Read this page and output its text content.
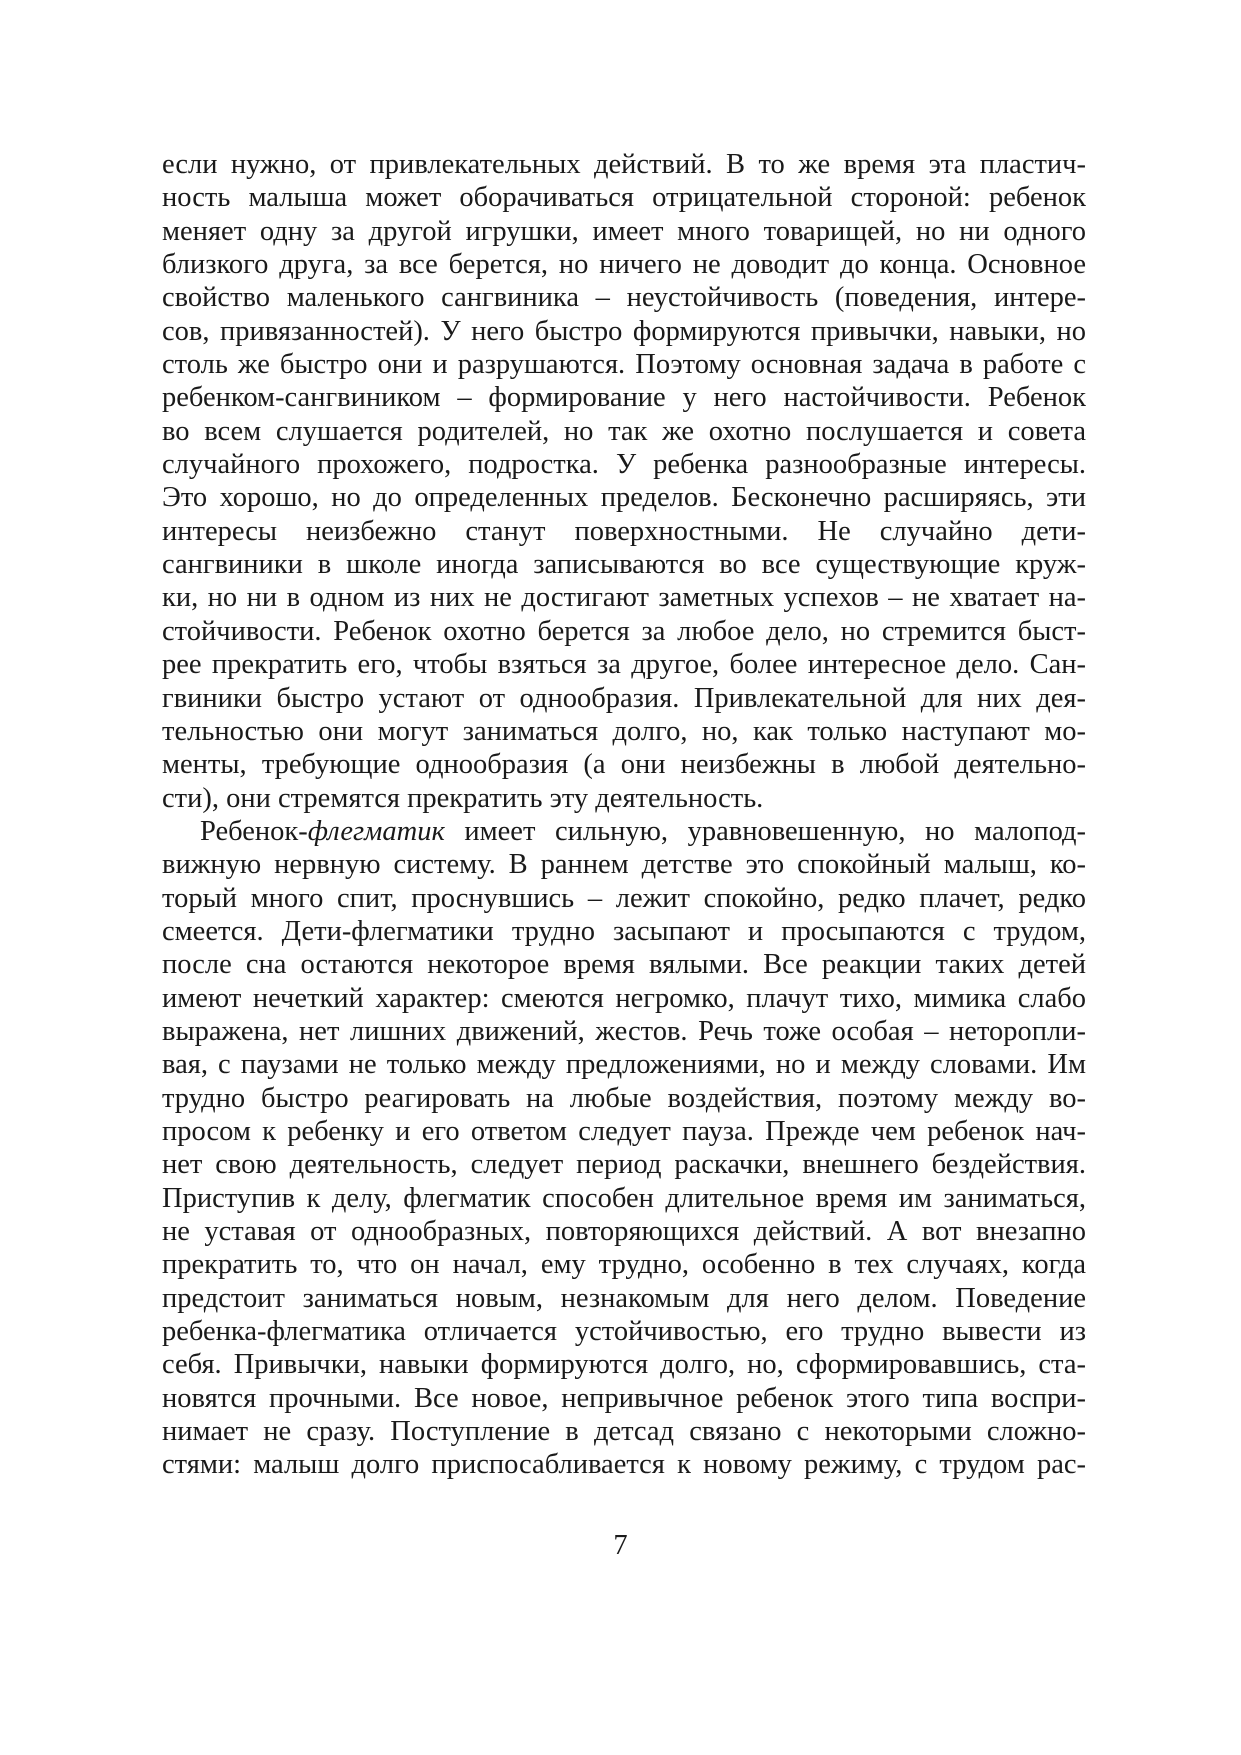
если нужно, от привлекательных действий. В то же время эта пластич-
ность малыша может оборачиваться отрицательной стороной: ребенок
меняет одну за другой игрушки, имеет много товарищей, но ни одного
близкого друга, за все берется, но ничего не доводит до конца. Основное
свойство маленького сангвиника – неустойчивость (поведения, интере-
сов, привязанностей). У него быстро формируются привычки, навыки, но
столь же быстро они и разрушаются. Поэтому основная задача в работе с
ребенком-сангвиником – формирование у него настойчивости. Ребенок
во всем слушается родителей, но так же охотно послушается и совета
случайного прохожего, подростка. У ребенка разнообразные интересы.
Это хорошо, но до определенных пределов. Бесконечно расширяясь, эти
интересы неизбежно станут поверхностными. Не случайно дети-
сангвиники в школе иногда записываются во все существующие круж-
ки, но ни в одном из них не достигают заметных успехов – не хватает на-
стойчивости. Ребенок охотно берется за любое дело, но стремится быст-
рее прекратить его, чтобы взяться за другое, более интересное дело. Сан-
гвиники быстро устают от однообразия. Привлекательной для них дея-
тельностью они могут заниматься долго, но, как только наступают мо-
менты, требующие однообразия (а они неизбежны в любой деятельно-
сти), они стремятся прекратить эту деятельность.
Ребенок-флегматик имеет сильную, уравновешенную, но малопод-
вижную нервную систему. В раннем детстве это спокойный малыш, ко-
торый много спит, проснувшись – лежит спокойно, редко плачет, редко
смеется. Дети-флегматики трудно засыпают и просыпаются с трудом,
после сна остаются некоторое время вялыми. Все реакции таких детей
имеют нечеткий характер: смеются негромко, плачут тихо, мимика слабо
выражена, нет лишних движений, жестов. Речь тоже особая – неторопли-
вая, с паузами не только между предложениями, но и между словами. Им
трудно быстро реагировать на любые воздействия, поэтому между во-
просом к ребенку и его ответом следует пауза. Прежде чем ребенок нач-
нет свою деятельность, следует период раскачки, внешнего бездействия.
Приступив к делу, флегматик способен длительное время им заниматься,
не уставая от однообразных, повторяющихся действий. А вот внезапно
прекратить то, что он начал, ему трудно, особенно в тех случаях, когда
предстоит заниматься новым, незнакомым для него делом. Поведение
ребенка-флегматика отличается устойчивостью, его трудно вывести из
себя. Привычки, навыки формируются долго, но, сформировавшись, ста-
новятся прочными. Все новое, непривычное ребенок этого типа воспри-
нимает не сразу. Поступление в детсад связано с некоторыми сложно-
стями: малыш долго приспосабливается к новому режиму, с трудом рас-
7
